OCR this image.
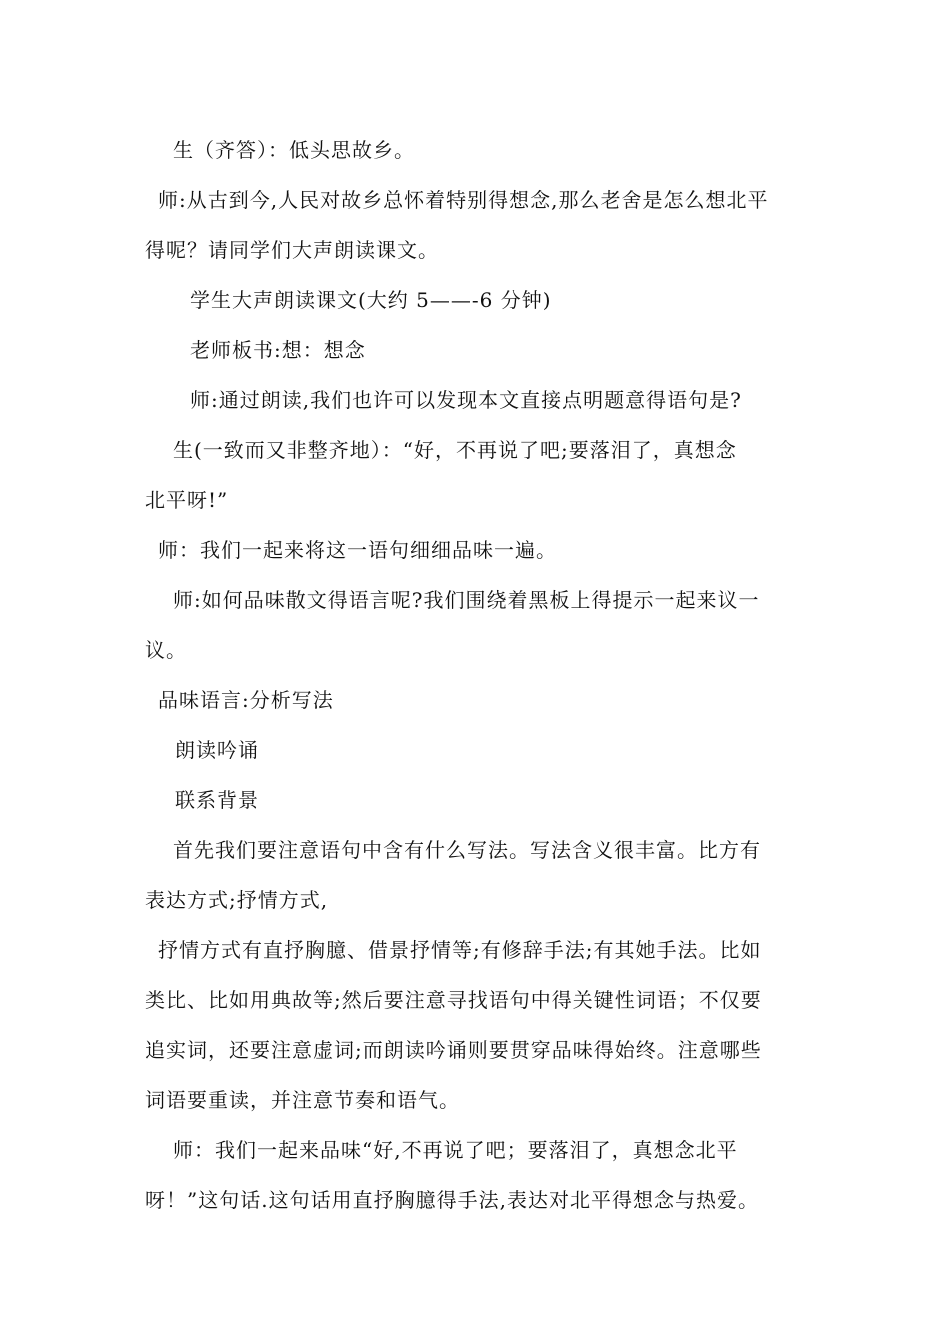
生（齐答）：低头思故乡。
师:从古到今,人民对故乡总怀着特别得想念,那么老舍是怎么想北平
得呢？请同学们大声朗读课文。
学生大声朗读课文(大约 5——-6 分钟)
老师板书:想：想念
师:通过朗读,我们也许可以发现本文直接点明题意得语句是?
生(一致而又非整齐地）：“好，不再说了吧;要落泪了，真想念
北平呀!”
师：我们一起来将这一语句细细品味一遍。
师:如何品味散文得语言呢?我们围绕着黑板上得提示一起来议一
议。
品味语言:分析写法
朗读吟诵
联系背景
首先我们要注意语句中含有什么写法。写法含义很丰富。比方有
表达方式;抒情方式,
抒情方式有直抒胸臆、借景抒情等;有修辞手法;有其她手法。比如
类比、比如用典故等;然后要注意寻找语句中得关键性词语；不仅要
追实词，还要注意虚词;而朗读吟诵则要贯穿品味得始终。注意哪些
词语要重读，并注意节奏和语气。
师：我们一起来品味“好,不再说了吧；要落泪了，真想念北平
呀！”这句话.这句话用直抒胸臆得手法,表达对北平得想念与热爱。
